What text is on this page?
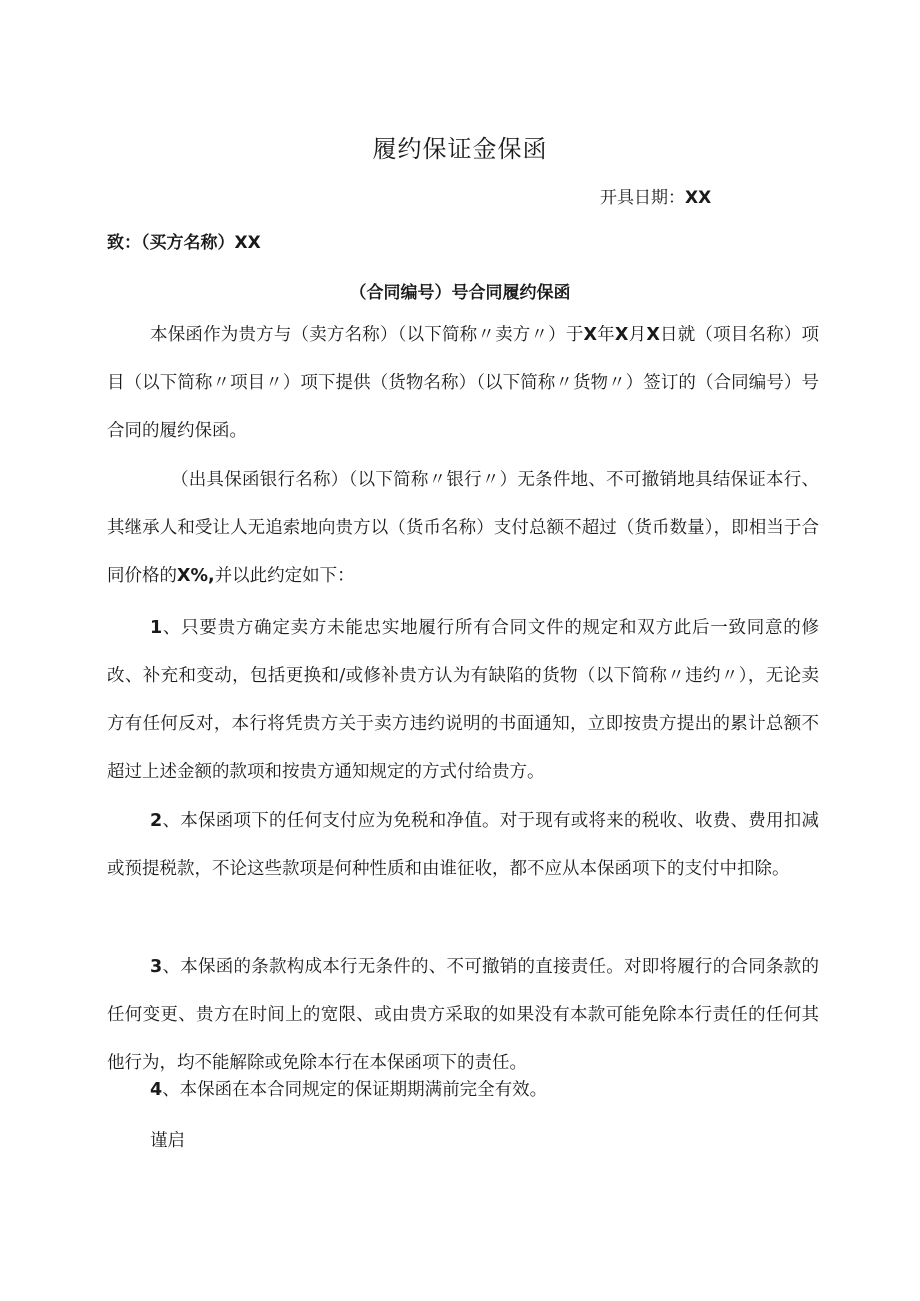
履约保证金保函
开具日期：XX
致：（买方名称）XX
（合同编号）号合同履约保函

本保函作为贵方与（卖方名称）（以下简称〃卖方〃）于X年X月X日就（项目名称）项目（以下简称〃项目〃）项下提供（货物名称）（以下简称〃货物〃）签订的（合同编号）号合同的履约保函。

（出具保函银行名称）（以下简称〃银行〃）无条件地、不可撤销地具结保证本行、其继承人和受让人无追索地向贵方以（货币名称）支付总额不超过（货币数量），即相当于合同价格的X%,并以此约定如下：

1、只要贵方确定卖方未能忠实地履行所有合同文件的规定和双方此后一致同意的修改、补充和变动，包括更换和/或修补贵方认为有缺陷的货物（以下简称〃违约〃），无论卖方有任何反对，本行将凭贵方关于卖方违约说明的书面通知，立即按贵方提出的累计总额不超过上述金额的款项和按贵方通知规定的方式付给贵方。

2、本保函项下的任何支付应为免税和净值。对于现有或将来的税收、收费、费用扣减或预提税款，不论这些款项是何种性质和由谁征收，都不应从本保函项下的支付中扣除。

3、本保函的条款构成本行无条件的、不可撤销的直接责任。对即将履行的合同条款的任何变更、贵方在时间上的宽限、或由贵方采取的如果没有本款可能免除本行责任的任何其他行为，均不能解除或免除本行在本保函项下的责任。

4、本保函在本合同规定的保证期期满前完全有效。

谨启
